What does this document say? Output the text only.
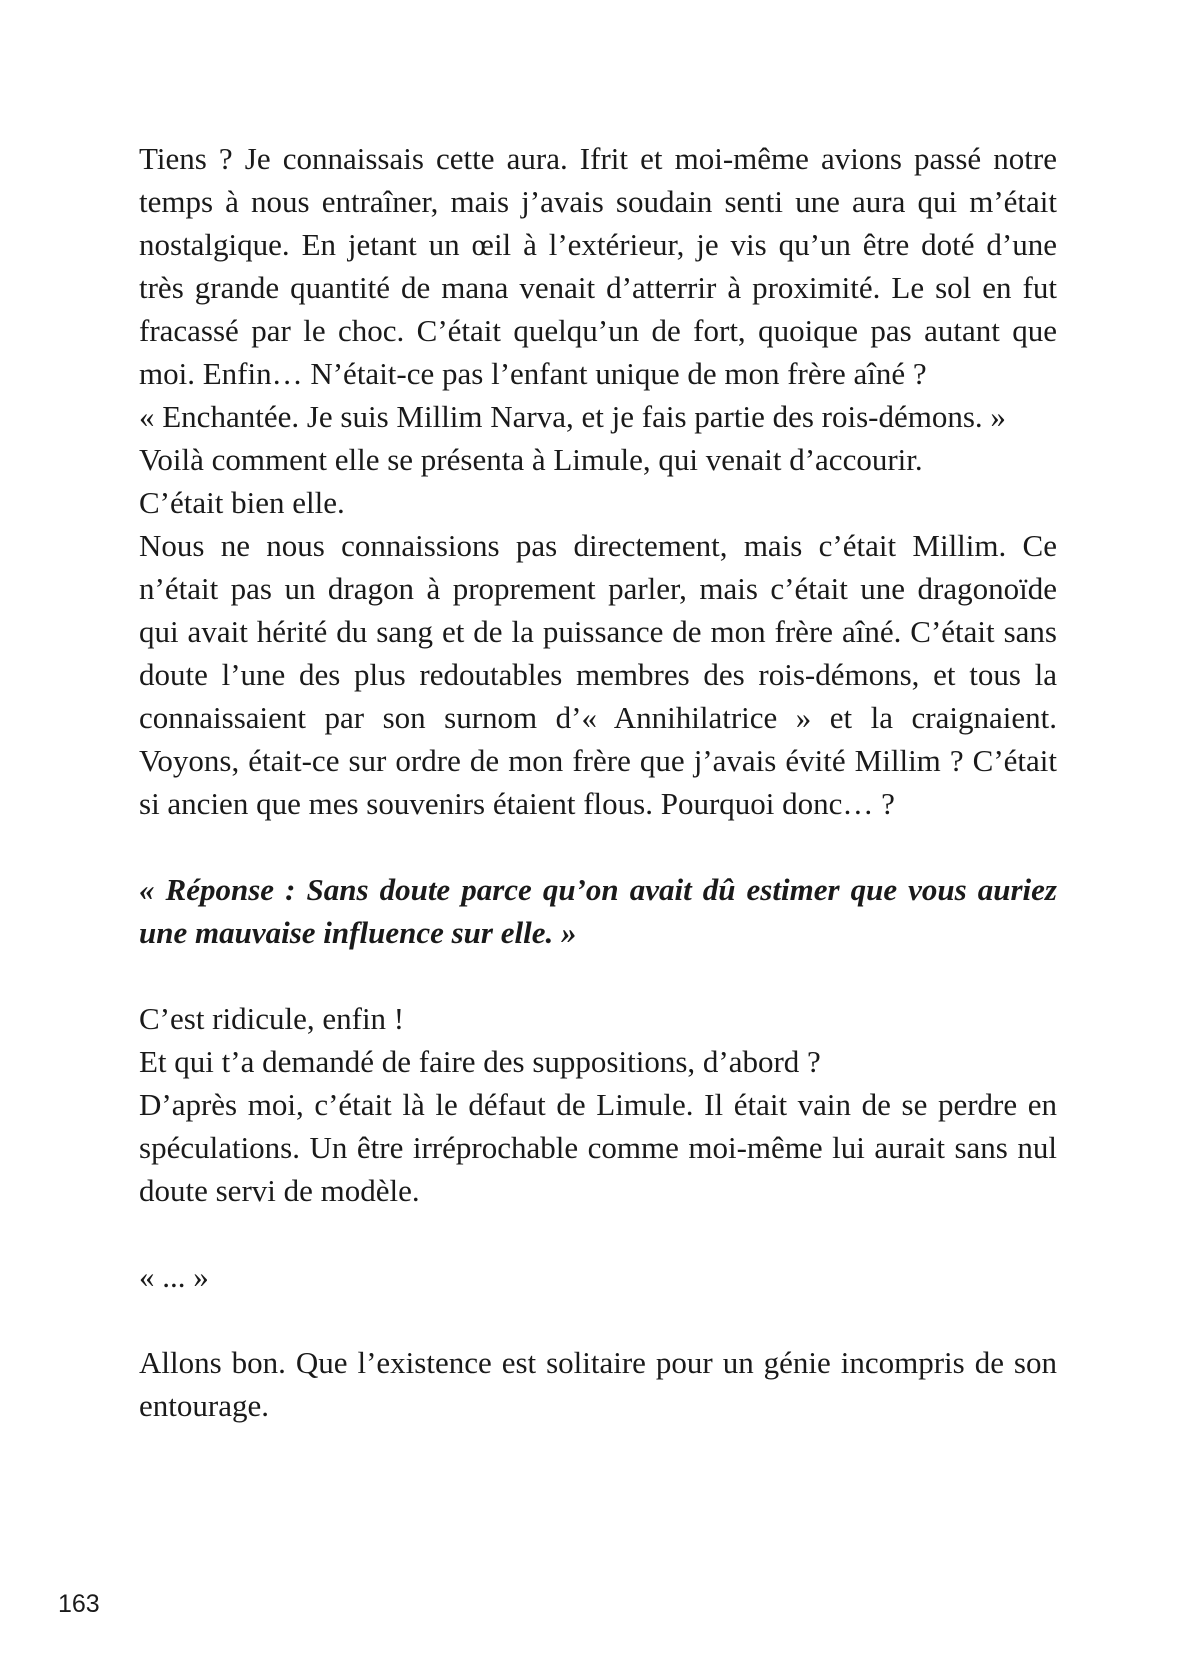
Tiens ? Je connaissais cette aura. Ifrit et moi-même avions passé notre temps à nous entraîner, mais j’avais soudain senti une aura qui m’était nostalgique. En jetant un œil à l’extérieur, je vis qu’un être doté d’une très grande quantité de mana venait d’atterrir à proximité. Le sol en fut fracassé par le choc. C’était quelqu’un de fort, quoique pas autant que moi. Enfin… N’était-ce pas l’enfant unique de mon frère aîné ?

« Enchantée. Je suis Millim Narva, et je fais partie des rois-démons. »

Voilà comment elle se présenta à Limule, qui venait d’accourir.

C’était bien elle.

Nous ne nous connaissions pas directement, mais c’était Millim. Ce n’était pas un dragon à proprement parler, mais c’était une dragonoïde qui avait hérité du sang et de la puissance de mon frère aîné. C’était sans doute l’une des plus redoutables membres des rois-démons, et tous la connaissaient par son surnom d’« Annihilatrice » et la craignaient. Voyons, était-ce sur ordre de mon frère que j’avais évité Millim ? C’était si ancien que mes souvenirs étaient flous. Pourquoi donc… ?

« Réponse : Sans doute parce qu’on avait dû estimer que vous auriez une mauvaise influence sur elle. »

C’est ridicule, enfin !

Et qui t’a demandé de faire des suppositions, d’abord ?

D’après moi, c’était là le défaut de Limule. Il était vain de se perdre en spéculations. Un être irréprochable comme moi-même lui aurait sans nul doute servi de modèle.

« ... »

Allons bon. Que l’existence est solitaire pour un génie incompris de son entourage.

163
